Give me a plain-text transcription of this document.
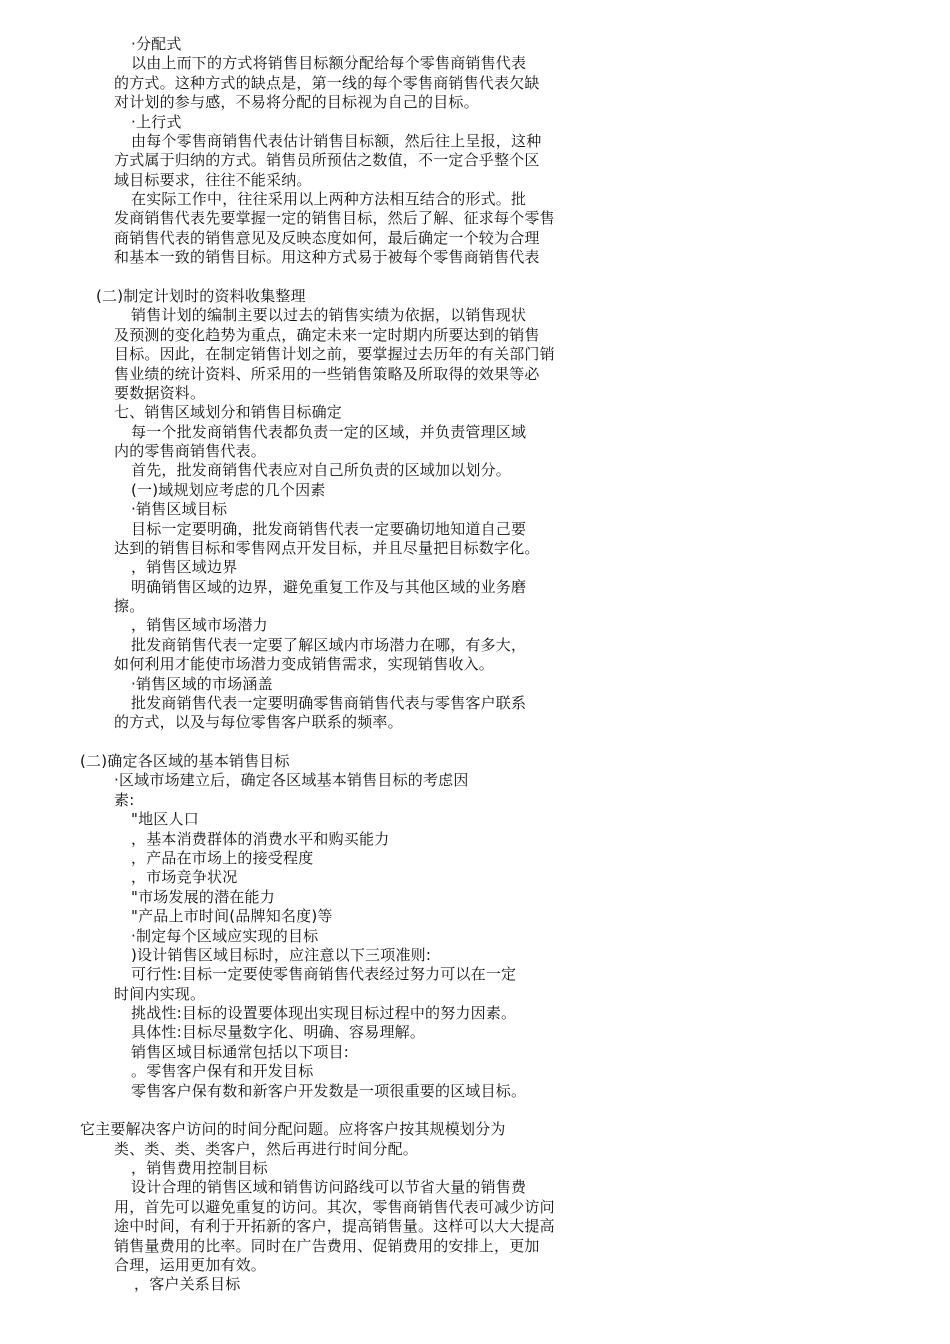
·分配式
以由上而下的方式将销售目标额分配给每个零售商销售代表
的方式。这种方式的缺点是，第一线的每个零售商销售代表欠缺
对计划的参与感，不易将分配的目标视为自己的目标。
·上行式
由每个零售商销售代表估计销售目标额，然后往上呈报，这种
方式属于归纳的方式。销售员所预估之数值，不一定合乎整个区
域目标要求，往往不能采纳。
在实际工作中，往往采用以上两种方法相互结合的形式。批
发商销售代表先要掌握一定的销售目标，然后了解、征求每个零售
商销售代表的销售意见及反映态度如何，最后确定一个较为合理
和基本一致的销售目标。用这种方式易于被每个零售商销售代表
(二)制定计划时的资料收集整理
销售计划的编制主要以过去的销售实绩为依据，以销售现状
及预测的变化趋势为重点，确定未来一定时期内所要达到的销售
目标。因此，在制定销售计划之前，要掌握过去历年的有关部门销
售业绩的统计资料、所采用的一些销售策略及所取得的效果等必
要数据资料。
七、销售区域划分和销售目标确定
每一个批发商销售代表都负责一定的区域，并负责管理区域
内的零售商销售代表。
首先，批发商销售代表应对自己所负责的区域加以划分。
(一)域规划应考虑的几个因素
·销售区域目标
目标一定要明确，批发商销售代表一定要确切地知道自己要
达到的销售目标和零售网点开发目标，并且尽量把目标数字化。
，销售区域边界
明确销售区域的边界，避免重复工作及与其他区域的业务磨
擦。
，销售区域市场潜力
批发商销售代表一定要了解区域内市场潜力在哪，有多大，
如何利用才能使市场潜力变成销售需求，实现销售收入。
·销售区域的市场涵盖
批发商销售代表一定要明确零售商销售代表与零售客户联系
的方式，以及与每位零售客户联系的频率。
(二)确定各区域的基本销售目标
·区域市场建立后，确定各区域基本销售目标的考虑因
素:
"地区人口
，基本消费群体的消费水平和购买能力
，产品在市场上的接受程度
，市场竞争状况
"市场发展的潜在能力
"产品上市时间(品牌知名度)等
·制定每个区域应实现的目标
)设计销售区域目标时，应注意以下三项准则:
可行性:目标一定要使零售商销售代表经过努力可以在一定
时间内实现。
挑战性:目标的设置要体现出实现目标过程中的努力因素。
具体性:目标尽量数字化、明确、容易理解。
销售区域目标通常包括以下项目:
。零售客户保有和开发目标
零售客户保有数和新客户开发数是一项很重要的区域目标。
它主要解决客户访问的时间分配问题。应将客户按其规模划分为
类、类、类、类客户，然后再进行时间分配。
，销售费用控制目标
设计合理的销售区域和销售访问路线可以节省大量的销售费
用，首先可以避免重复的访问。其次，零售商销售代表可减少访问
途中时间，有利于开拓新的客户，提高销售量。这样可以大大提高
销售量费用的比率。同时在广告费用、促销费用的安排上，更加
合理，运用更加有效。
，客户关系目标
